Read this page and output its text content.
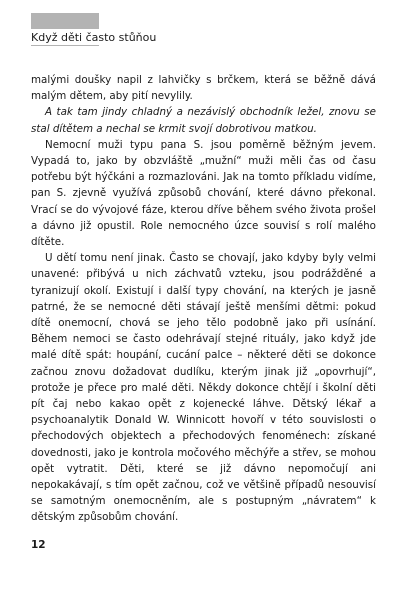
Když děti často stůňou

malými doušky napil z lahvičky s brčkem, která se běžně dává malým dětem, aby pití nevylily.

A tak tam jindy chladný a nezávislý obchodník ležel, znovu se stal dítětem a nechal se krmit svojí dobrotivou matkou.

Nemocní muži typu pana S. jsou poměrně běžným jevem. Vypadá to, jako by obzvláště „mužní“ muži měli čas od času potřebu být hýčkáni a rozmazlováni. Jak na tomto příkladu vidíme, pan S. zjevně využívá způsobů chování, které dávno překonal. Vrací se do vývojové fáze, kterou dříve během svého života prošel a dávno již opustil. Role nemocného úzce souvisí s rolí malého dítěte.

U dětí tomu není jinak. Často se chovají, jako kdyby byly velmi unavené: přibývá u nich záchvatů vzteku, jsou podrážděné a tyranizují okolí. Existují i další typy chování, na kterých je jasně patrné, že se nemocné děti stávají ještě menšími dětmi: pokud dítě onemocní, chová se jeho tělo podobně jako při usínání. Během nemoci se často odehrávají stejné rituály, jako když jde malé dítě spát: houpání, cucání palce – některé děti se dokonce začnou znovu dožadovat dudlíku, kterým jinak již „opovrhují“, protože je přece pro malé děti. Někdy dokonce chtějí i školní děti pít čaj nebo kakao opět z kojenecké láhve. Dětský lékař a psychoanalytik Donald W. Winnicott hovoří v této souvislosti o přechodových objektech a přechodových fenoménech: získané dovednosti, jako je kontrola močového měchýře a střev, se mohou opět vytratit. Děti, které se již dávno nepomočují ani nepokakávají, s tím opět začnou, což ve většině případů nesouvisí se samotným onemocněním, ale s postupným „návratem“ k dětským způsobům chování.

12
